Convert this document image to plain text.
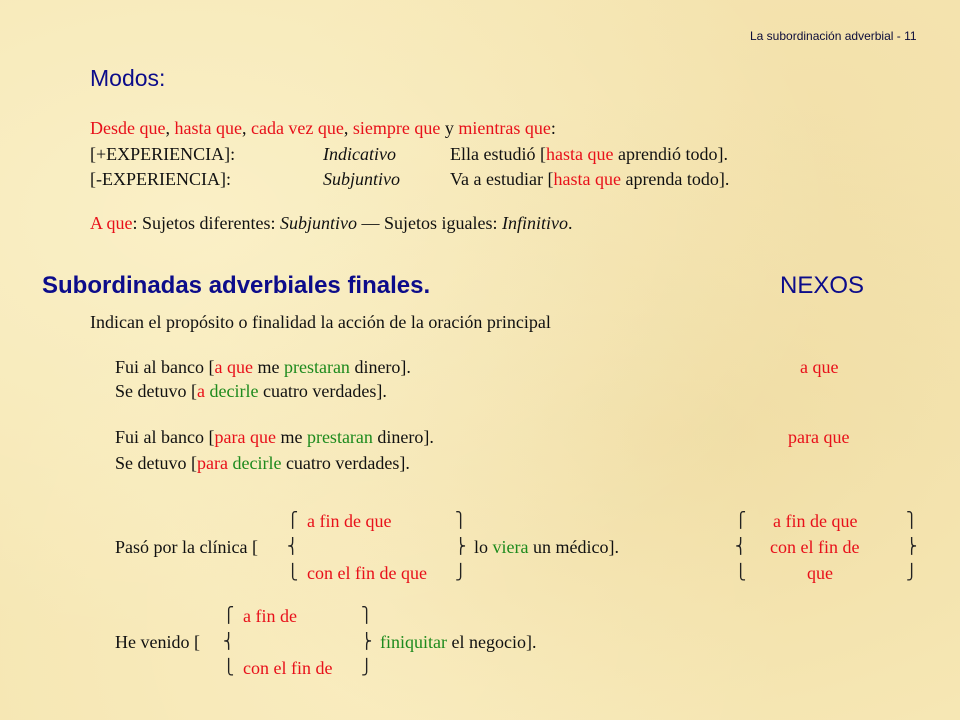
La subordinación adverbial - 11
Modos:
Desde que, hasta que, cada vez que, siempre que y mientras que:
[+EXPERIENCIA]:	Indicativo	Ella estudió [hasta que aprendió todo].
[-EXPERIENCIA]:	Subjuntivo	Va a estudiar [hasta que aprenda todo].
A que: Sujetos diferentes: Subjuntivo — Sujetos iguales: Infinitivo.
Subordinadas adverbiales finales.	NEXOS
Indican el propósito o finalidad la acción de la oración principal
Fui al banco [a que me prestaran dinero].	a que
Se detuvo [a decirle cuatro verdades].
Fui al banco [para que me prestaran dinero].	para que
Se detuvo [para decirle cuatro verdades].
⎧
⎨
⎩
⎫
⎬
⎭
a fin de que
con el fin de que
Pasó por la clínica [	lo viera un médico].
⎧
⎨
⎩
⎫
⎬
⎭
a fin de que
con el fin de
que
⎧
⎨
⎩
⎫
⎬
⎭
a fin de
con el fin de
He venido [	finiquitar el negocio].
